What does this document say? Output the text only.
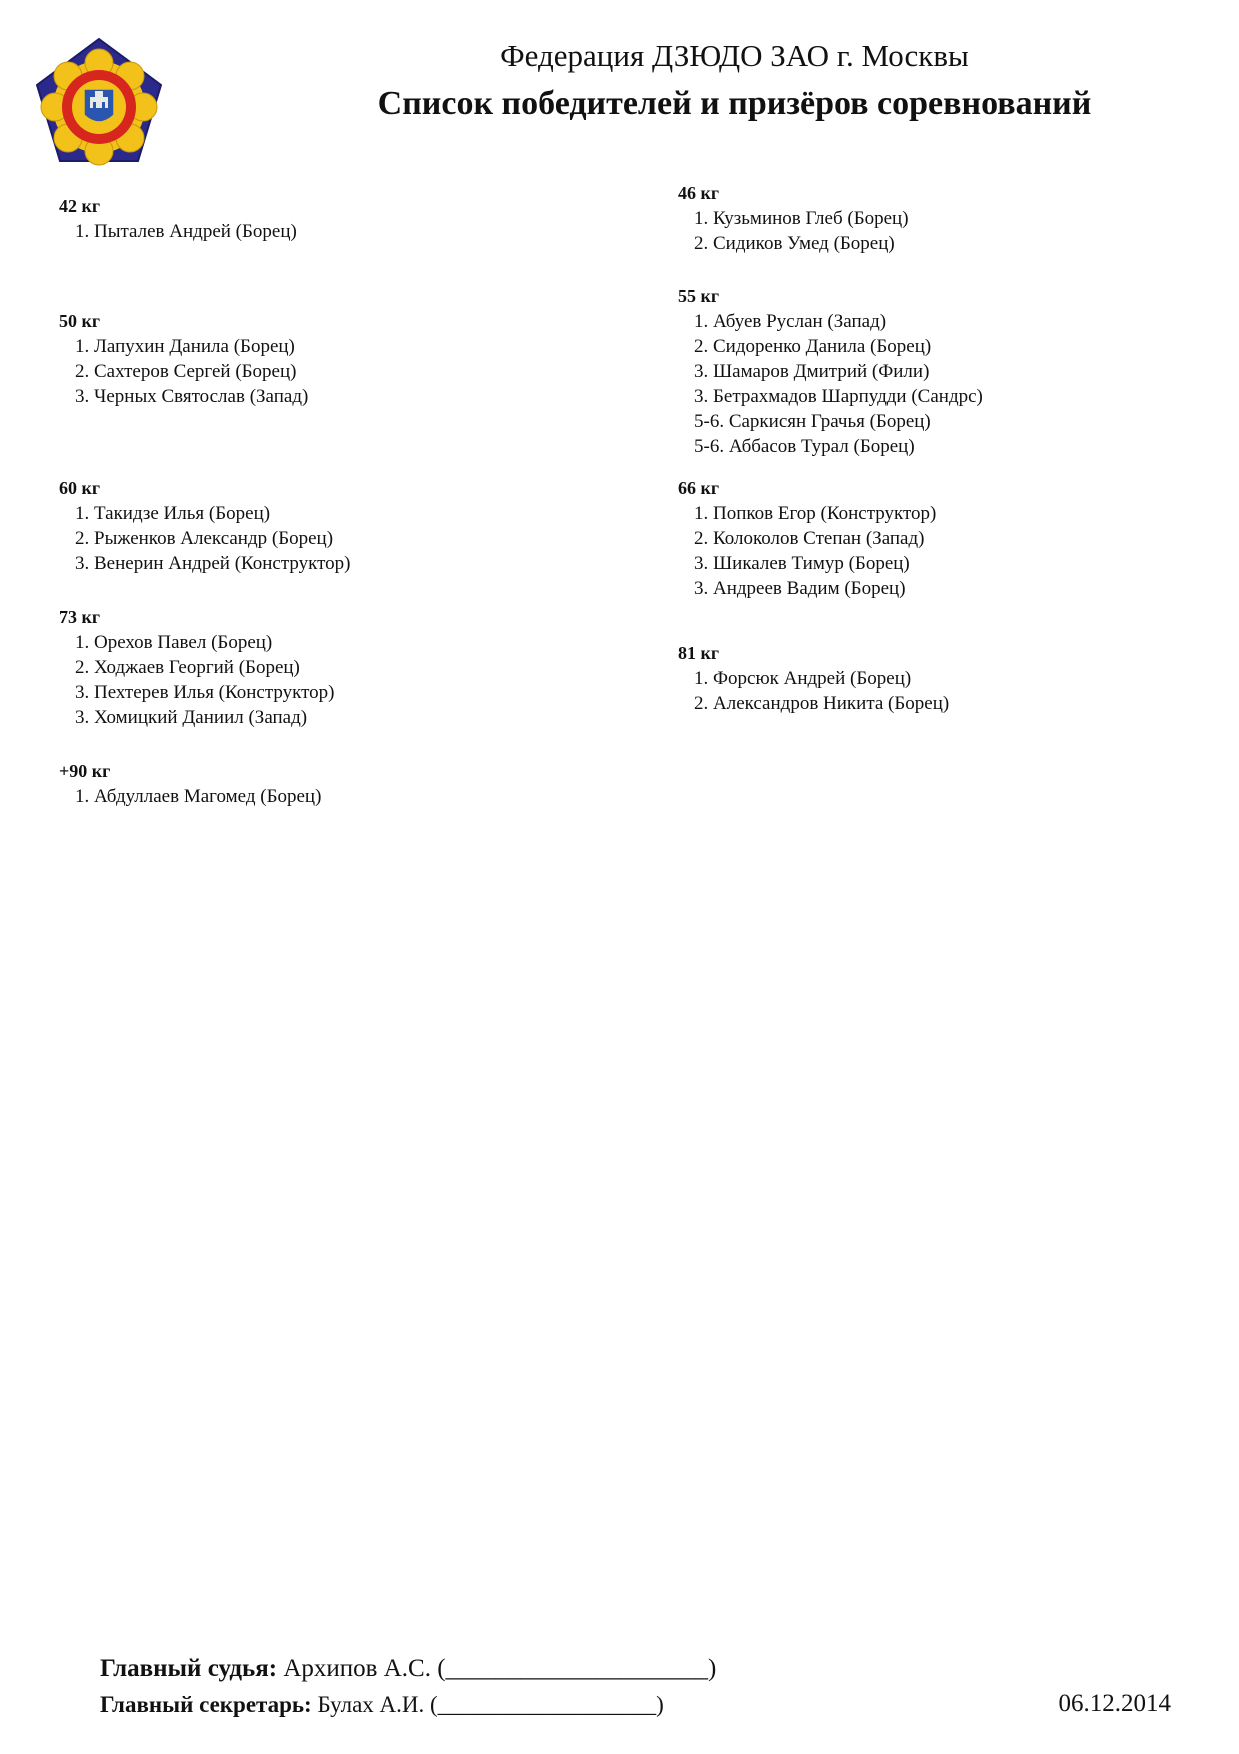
Федерация ДЗЮДО ЗАО г. Москвы
Список победителей и призёров соревнований
42 кг
1. Пыталев Андрей (Борец)
50 кг
1. Лапухин Данила (Борец)
2. Сахтеров Сергей (Борец)
3. Черных Святослав (Запад)
60 кг
1. Такидзе Илья (Борец)
2. Рыженков Александр (Борец)
3. Венерин Андрей (Конструктор)
73 кг
1. Орехов Павел (Борец)
2. Ходжаев Георгий (Борец)
3. Пехтерев Илья (Конструктор)
3. Хомицкий Даниил (Запад)
+90 кг
1. Абдуллаев Магомед (Борец)
46 кг
1. Кузьминов Глеб (Борец)
2. Сидиков Умед (Борец)
55 кг
1. Абуев Руслан (Запад)
2. Сидоренко Данила (Борец)
3. Шамаров Дмитрий (Фили)
3. Бетрахмадов Шарпудди (Сандрс)
5-6. Саркисян Грачья (Борец)
5-6. Аббасов Турал (Борец)
66 кг
1. Попков Егор (Конструктор)
2. Колоколов Степан (Запад)
3. Шикалев Тимур (Борец)
3. Андреев Вадим (Борец)
81 кг
1. Форсюк Андрей (Борец)
2. Александров Никита (Борец)
Главный судья: Архипов А.С. (_____________________)
Главный секретарь: Булах А.И. (___________________)	06.12.2014
